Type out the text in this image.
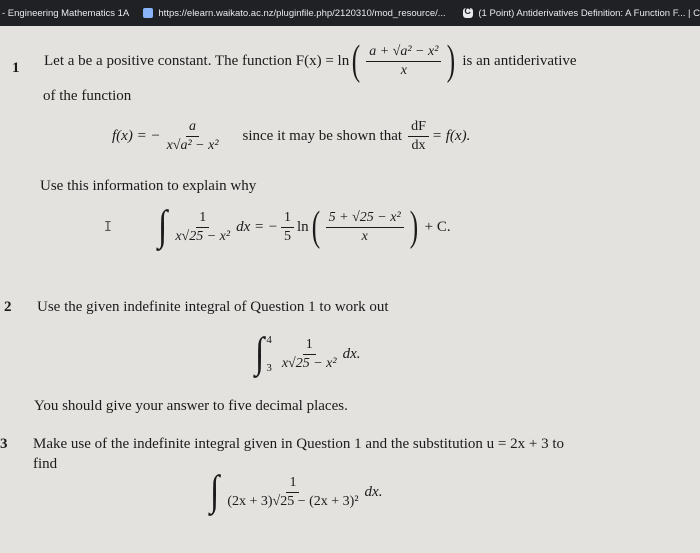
- Engineering Mathematics 1A	https://elearn.waikato.ac.nz/pluginfile.php/2120310/mod_resource/...
C	(1 Point) Antiderivatives Definition: A Function F... | C
1 Let a be a positive constant. The function F(x) = ln ( $\frac{\text{a + √a² − x²}}{x}$ ) is an antiderivative
of the function
f(x) = − $\frac{a}{\text{x√a² − x²}}$ since it may be shown that $\frac{dF}{dx} = f(x)$.
Use this information to explain why
I ∫ $\frac{1}{\text{x√25 − x²}}$ dx = − $\frac{1}{5}$ ln ( $\frac{\text{5 + √25 − x²}}{x}$ ) + C.
2 Use the given indefinite integral of Question 1 to work out
∫ 4
$3 \frac{1}{\text{x√25 − x²}}$ dx.
You should give your answer to five decimal places.
3 Make use of the indefinite integral given in Question 1 and the substitution u = 2x + 3 to
find
∫ $\frac{1}{\text{(2x + 3)√25 − (2x + 3)²}}$ dx.
